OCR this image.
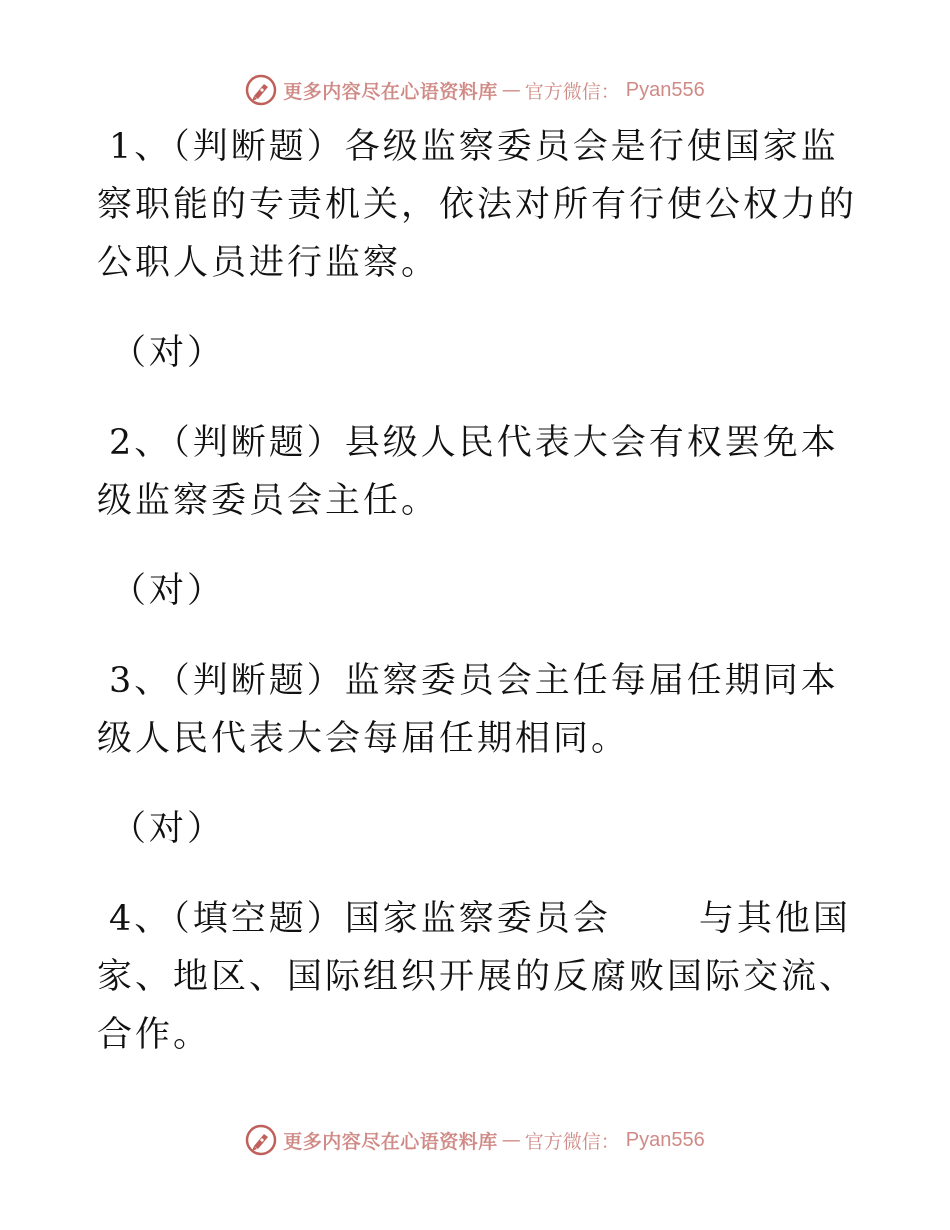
更多内容尽在心语资料库 — 官方微信： Pyan556

1、（判断题）各级监察委员会是行使国家监察职能的专责机关，依法对所有行使公权力的公职人员进行监察。

（对）

2、（判断题）县级人民代表大会有权罢免本级监察委员会主任。

（对）

3、（判断题）监察委员会主任每届任期同本级人民代表大会每届任期相同。

（对）

4、（填空题）国家监察委员会	与其他国家、地区、国际组织开展的反腐败国际交流、合作。

更多内容尽在心语资料库 — 官方微信： Pyan556
